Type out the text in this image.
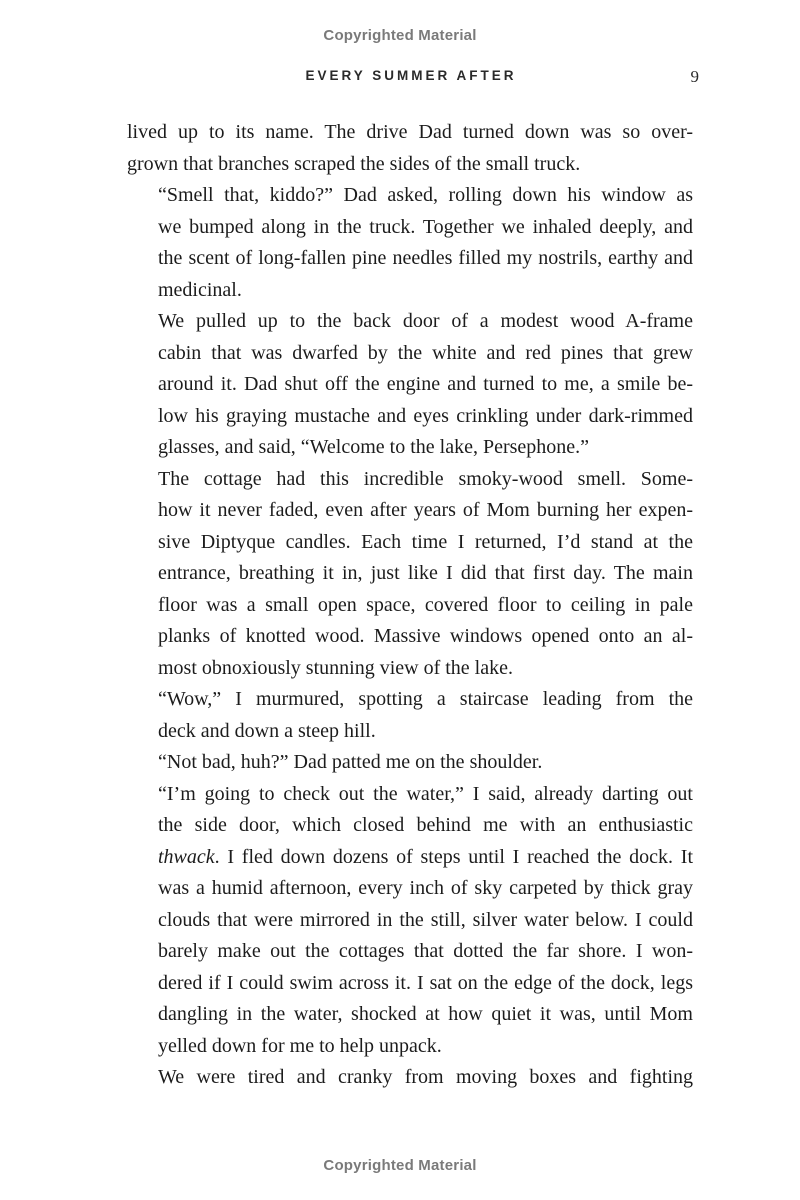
Copyrighted Material
EVERY SUMMER AFTER	9

lived up to its name. The drive Dad turned down was so over-
grown that branches scraped the sides of the small truck.

“Smell that, kiddo?” Dad asked, rolling down his window as
we bumped along in the truck. Together we inhaled deeply, and
the scent of long-fallen pine needles filled my nostrils, earthy and
medicinal.

We pulled up to the back door of a modest wood A-frame
cabin that was dwarfed by the white and red pines that grew
around it. Dad shut off the engine and turned to me, a smile be-
low his graying mustache and eyes crinkling under dark-rimmed
glasses, and said, “Welcome to the lake, Persephone.”

The cottage had this incredible smoky-wood smell. Some-
how it never faded, even after years of Mom burning her expen-
sive Diptyque candles. Each time I returned, I’d stand at the
entrance, breathing it in, just like I did that first day. The main
floor was a small open space, covered floor to ceiling in pale
planks of knotted wood. Massive windows opened onto an al-
most obnoxiously stunning view of the lake.

“Wow,” I murmured, spotting a staircase leading from the
deck and down a steep hill.

“Not bad, huh?” Dad patted me on the shoulder.

“I’m going to check out the water,” I said, already darting out
the side door, which closed behind me with an enthusiastic
thwack. I fled down dozens of steps until I reached the dock. It
was a humid afternoon, every inch of sky carpeted by thick gray
clouds that were mirrored in the still, silver water below. I could
barely make out the cottages that dotted the far shore. I won-
dered if I could swim across it. I sat on the edge of the dock, legs
dangling in the water, shocked at how quiet it was, until Mom
yelled down for me to help unpack.

We were tired and cranky from moving boxes and fighting

Copyrighted Material
